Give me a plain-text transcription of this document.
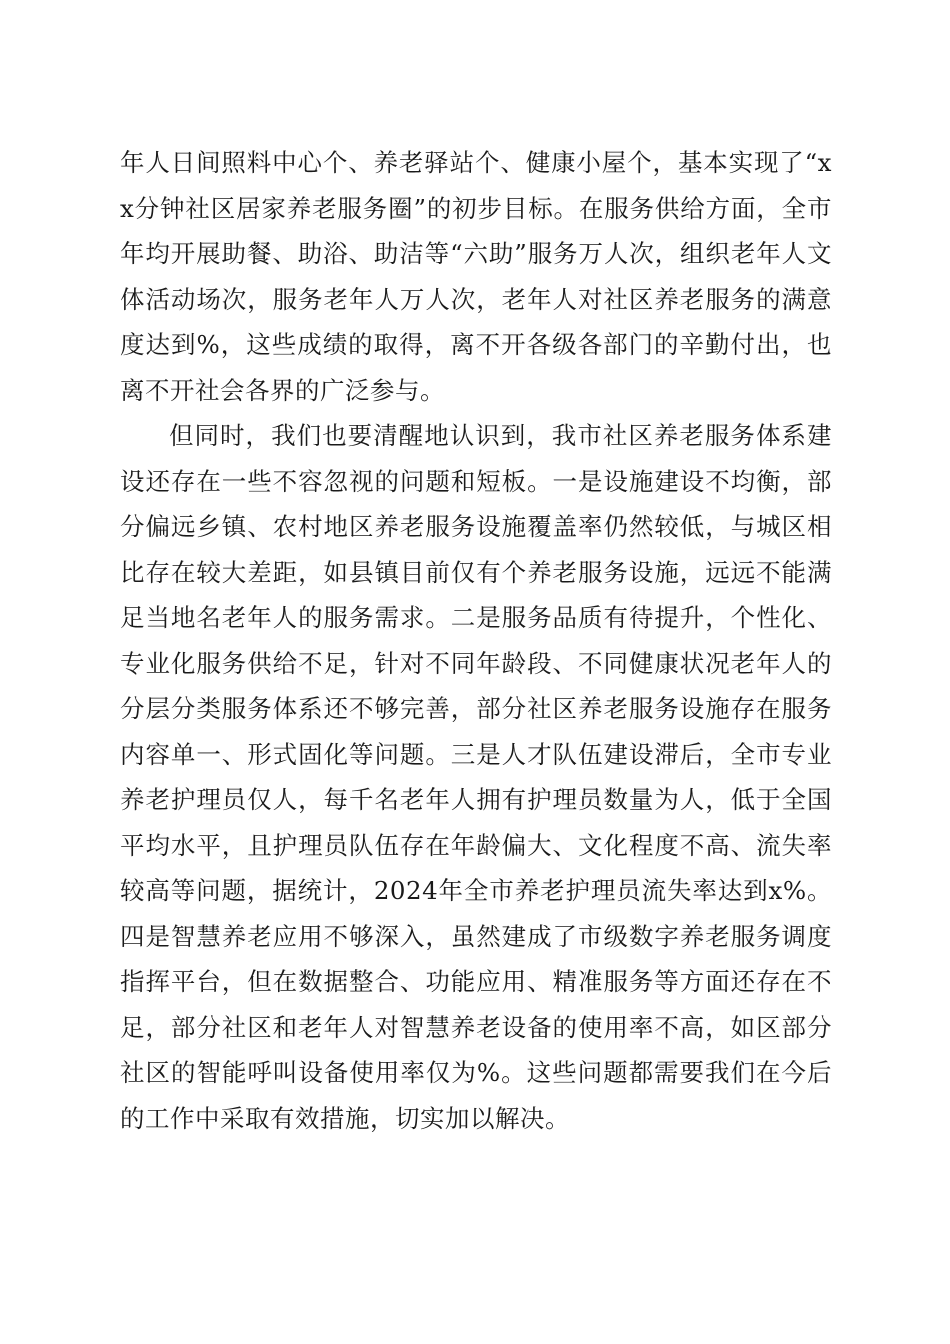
年人日间照料中心个、养老驿站个、健康小屋个，基本实现了“xx分钟社区居家养老服务圈”的初步目标。在服务供给方面，全市年均开展助餐、助浴、助洁等“六助”服务万人次，组织老年人文体活动场次，服务老年人万人次，老年人对社区养老服务的满意度达到%，这些成绩的取得，离不开各级各部门的辛勤付出，也离不开社会各界的广泛参与。

但同时，我们也要清醒地认识到，我市社区养老服务体系建设还存在一些不容忽视的问题和短板。一是设施建设不均衡，部分偏远乡镇、农村地区养老服务设施覆盖率仍然较低，与城区相比存在较大差距，如县镇目前仅有个养老服务设施，远远不能满足当地名老年人的服务需求。二是服务品质有待提升，个性化、专业化服务供给不足，针对不同年龄段、不同健康状况老年人的分层分类服务体系还不够完善，部分社区养老服务设施存在服务内容单一、形式固化等问题。三是人才队伍建设滞后，全市专业养老护理员仅人，每千名老年人拥有护理员数量为人，低于全国平均水平，且护理员队伍存在年龄偏大、文化程度不高、流失率较高等问题，据统计，2024年全市养老护理员流失率达到x%。四是智慧养老应用不够深入，虽然建成了市级数字养老服务调度指挥平台，但在数据整合、功能应用、精准服务等方面还存在不足，部分社区和老年人对智慧养老设备的使用率不高，如区部分社区的智能呼叫设备使用率仅为%。这些问题都需要我们在今后的工作中采取有效措施，切实加以解决。
